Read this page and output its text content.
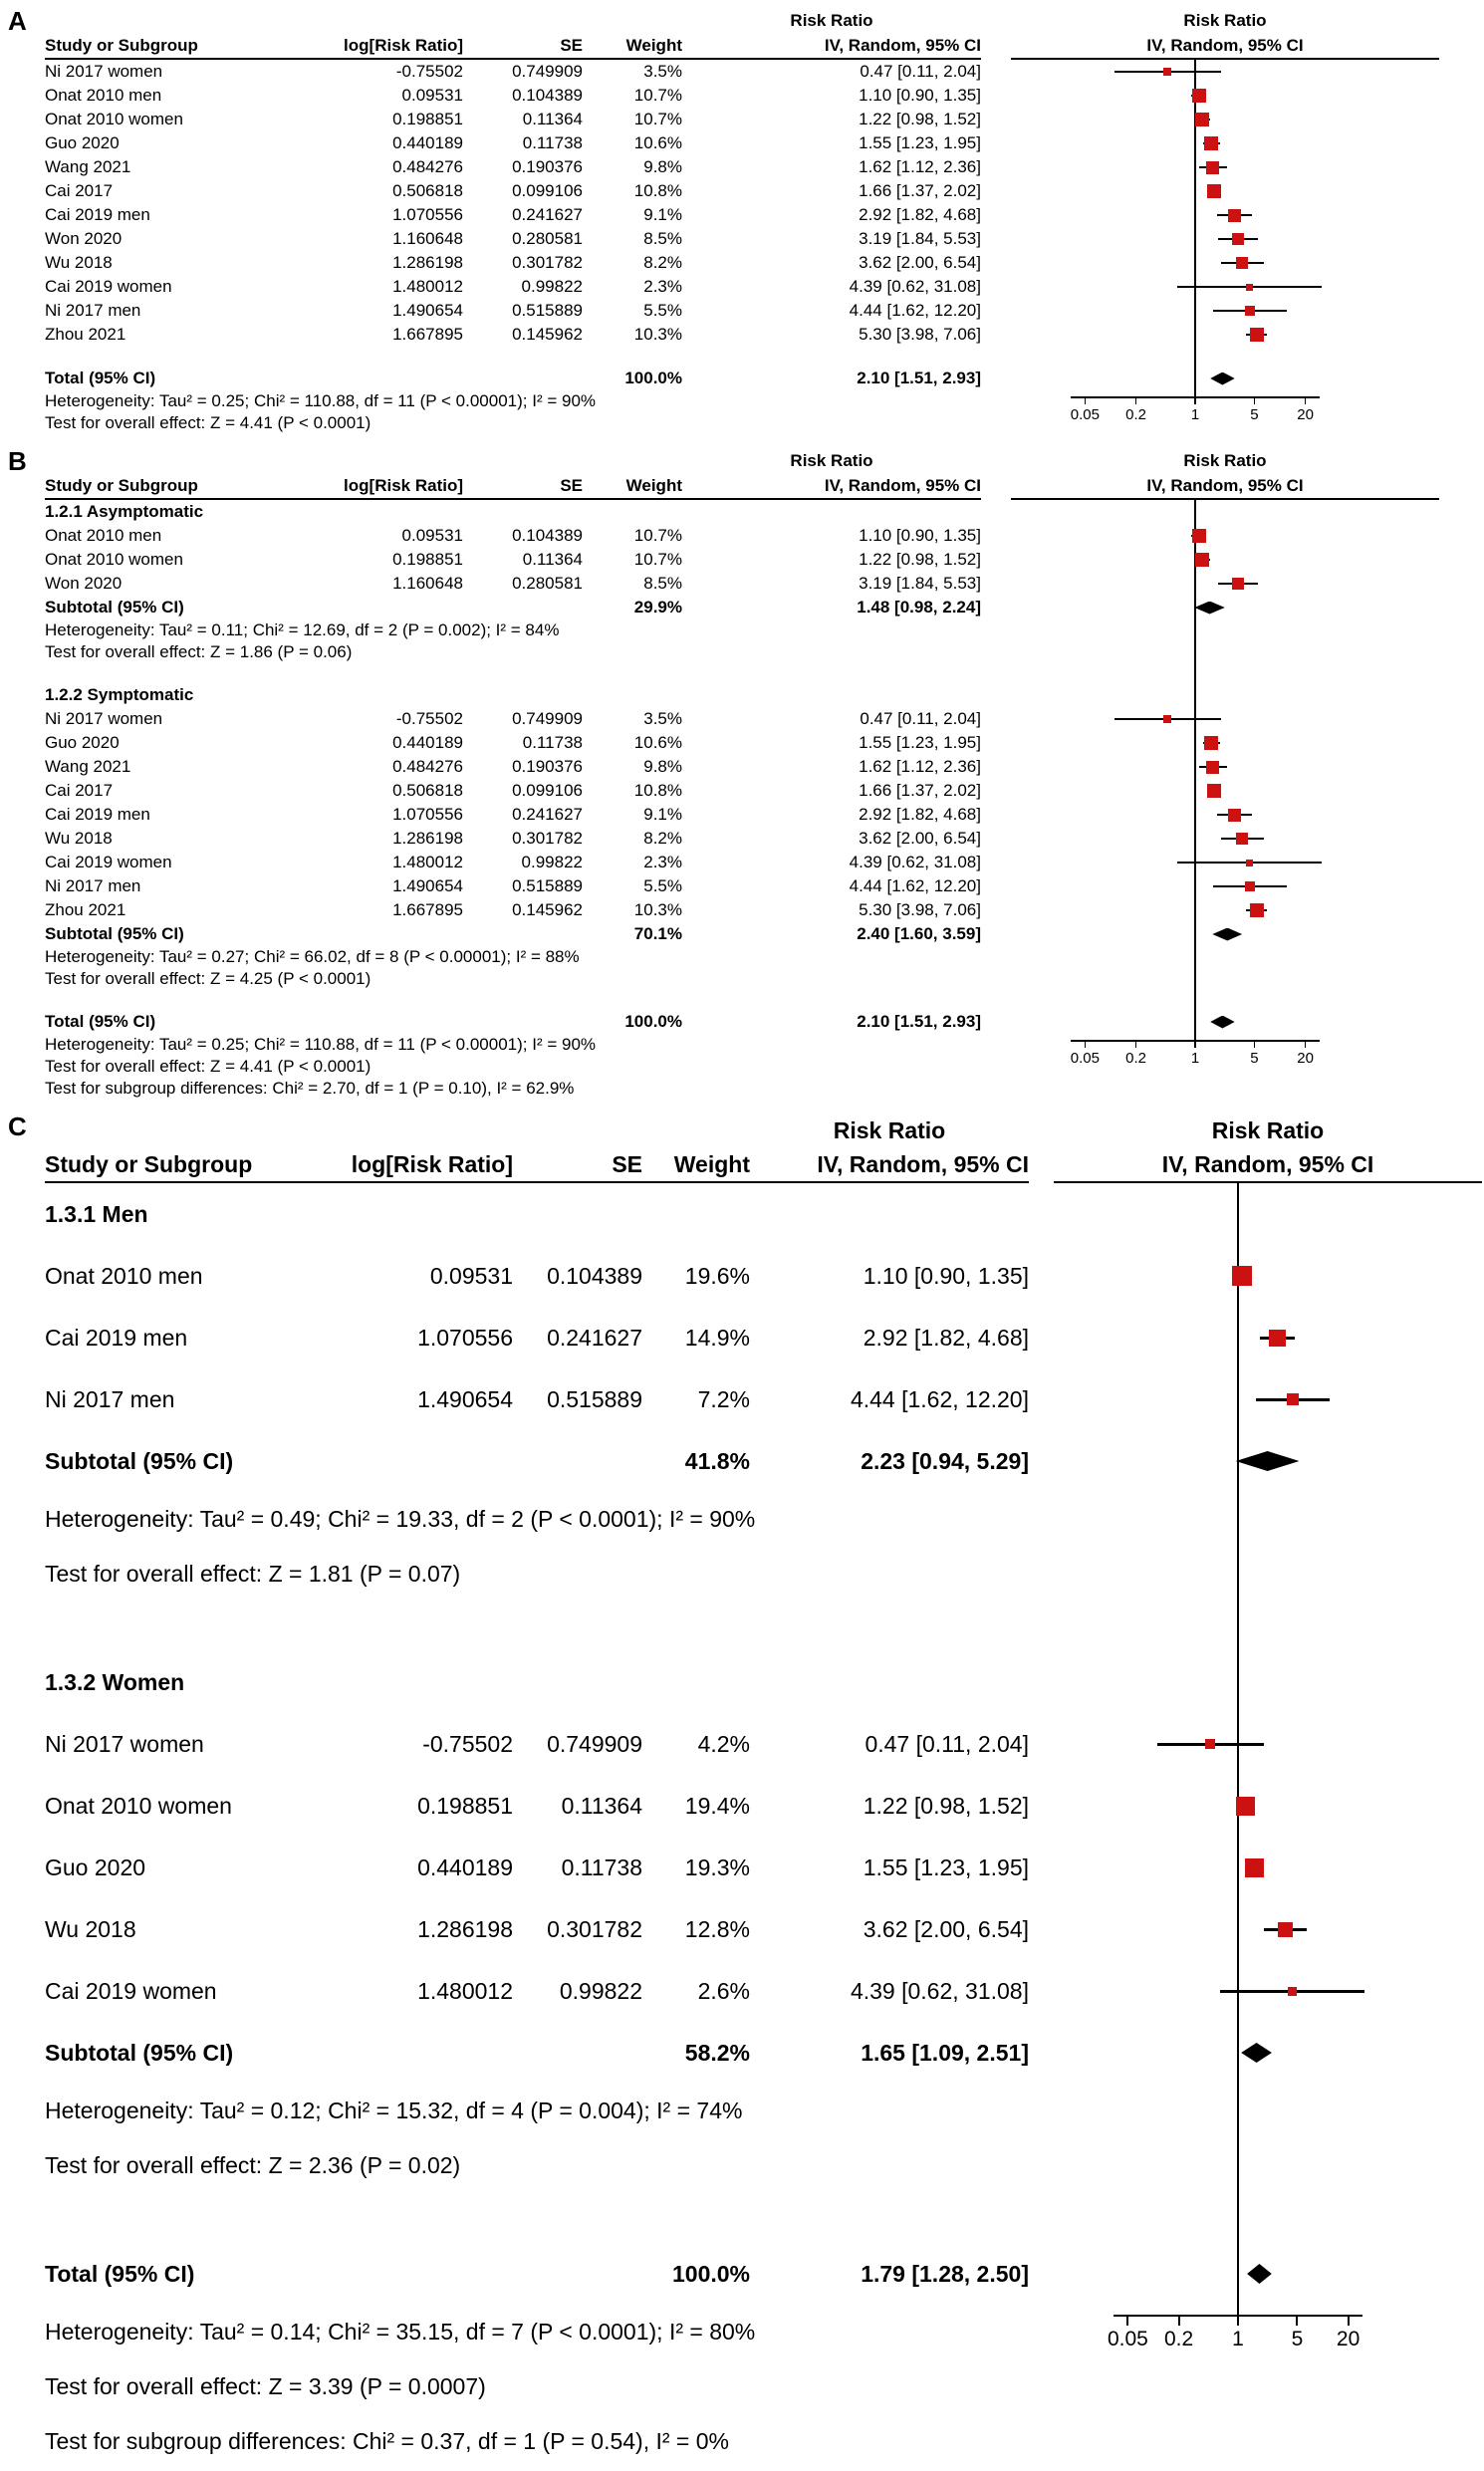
A	Risk Ratio	Risk Ratio
Study or Subgroup	log[Risk Ratio]	SE	Weight	IV, Random, 95% CI	IV, Random, 95% CI
Ni 2017 women	-0.75502	0.749909	3.5%	0.47 [0.11, 2.04]
Onat 2010 men	0.09531	0.104389	10.7%	1.10 [0.90, 1.35]
Onat 2010 women	0.198851	0.11364	10.7%	1.22 [0.98, 1.52]
Guo 2020	0.440189	0.11738	10.6%	1.55 [1.23, 1.95]
Wang 2021	0.484276	0.190376	9.8%	1.62 [1.12, 2.36]
Cai 2017	0.506818	0.099106	10.8%	1.66 [1.37, 2.02]
Cai 2019 men	1.070556	0.241627	9.1%	2.92 [1.82, 4.68]
Won 2020	1.160648	0.280581	8.5%	3.19 [1.84, 5.53]
Wu 2018	1.286198	0.301782	8.2%	3.62 [2.00, 6.54]
Cai 2019 women	1.480012	0.99822	2.3%	4.39 [0.62, 31.08]
Ni 2017 men	1.490654	0.515889	5.5%	4.44 [1.62, 12.20]
Zhou 2021	1.667895	0.145962	10.3%	5.30 [3.98, 7.06]
Total (95% CI)	100.0%	2.10 [1.51, 2.93]
Heterogeneity: Tau² = 0.25; Chi² = 110.88, df = 11 (P < 0.00001); I² = 90%
Test for overall effect: Z = 4.41 (P < 0.0001)	0.05	0.2	1	5	20
B	Risk Ratio	Risk Ratio
Study or Subgroup	log[Risk Ratio]	SE	Weight	IV, Random, 95% CI	IV, Random, 95% CI
1.2.1 Asymptomatic
Onat 2010 men	0.09531	0.104389	10.7%	1.10 [0.90, 1.35]
Onat 2010 women	0.198851	0.11364	10.7%	1.22 [0.98, 1.52]
Won 2020	1.160648	0.280581	8.5%	3.19 [1.84, 5.53]
Subtotal (95% CI)	29.9%	1.48 [0.98, 2.24]
Heterogeneity: Tau² = 0.11; Chi² = 12.69, df = 2 (P = 0.002); I² = 84%
Test for overall effect: Z = 1.86 (P = 0.06)
1.2.2 Symptomatic
Ni 2017 women	-0.75502	0.749909	3.5%	0.47 [0.11, 2.04]
Guo 2020	0.440189	0.11738	10.6%	1.55 [1.23, 1.95]
Wang 2021	0.484276	0.190376	9.8%	1.62 [1.12, 2.36]
Cai 2017	0.506818	0.099106	10.8%	1.66 [1.37, 2.02]
Cai 2019 men	1.070556	0.241627	9.1%	2.92 [1.82, 4.68]
Wu 2018	1.286198	0.301782	8.2%	3.62 [2.00, 6.54]
Cai 2019 women	1.480012	0.99822	2.3%	4.39 [0.62, 31.08]
Ni 2017 men	1.490654	0.515889	5.5%	4.44 [1.62, 12.20]
Zhou 2021	1.667895	0.145962	10.3%	5.30 [3.98, 7.06]
Subtotal (95% CI)	70.1%	2.40 [1.60, 3.59]
Heterogeneity: Tau² = 0.27; Chi² = 66.02, df = 8 (P < 0.00001); I² = 88%
Test for overall effect: Z = 4.25 (P < 0.0001)
Total (95% CI)	100.0%	2.10 [1.51, 2.93]
Heterogeneity: Tau² = 0.25; Chi² = 110.88, df = 11 (P < 0.00001); I² = 90%
Test for overall effect: Z = 4.41 (P < 0.0001)
Test for subgroup differences: Chi² = 2.70, df = 1 (P = 0.10), I² = 62.9%
0.05	0.2	1	5	20
C	Risk Ratio	Risk Ratio
Study or Subgroup	log[Risk Ratio]	SE	Weight	IV, Random, 95% CI	IV, Random, 95% CI
1.3.1 Men
Onat 2010 men	0.09531	0.104389	19.6%	1.10 [0.90, 1.35]
Cai 2019 men	1.070556	0.241627	14.9%	2.92 [1.82, 4.68]
Ni 2017 men	1.490654	0.515889	7.2%	4.44 [1.62, 12.20]
Subtotal (95% CI)	41.8%	2.23 [0.94, 5.29]
Heterogeneity: Tau² = 0.49; Chi² = 19.33, df = 2 (P < 0.0001); I² = 90%
Test for overall effect: Z = 1.81 (P = 0.07)
1.3.2 Women
Ni 2017 women	-0.75502	0.749909	4.2%	0.47 [0.11, 2.04]
Onat 2010 women	0.198851	0.11364	19.4%	1.22 [0.98, 1.52]
Guo 2020	0.440189	0.11738	19.3%	1.55 [1.23, 1.95]
Wu 2018	1.286198	0.301782	12.8%	3.62 [2.00, 6.54]
Cai 2019 women	1.480012	0.99822	2.6%	4.39 [0.62, 31.08]
Subtotal (95% CI)	58.2%	1.65 [1.09, 2.51]
Heterogeneity: Tau² = 0.12; Chi² = 15.32, df = 4 (P = 0.004); I² = 74%
Test for overall effect: Z = 2.36 (P = 0.02)
Total (95% CI)	100.0%	1.79 [1.28, 2.50]
Heterogeneity: Tau² = 0.14; Chi² = 35.15, df = 7 (P < 0.0001); I² = 80%
Test for overall effect: Z = 3.39 (P = 0.0007)
Test for subgroup differences: Chi² = 0.37, df = 1 (P = 0.54), I² = 0%
0.05 0.2	1	5	20
